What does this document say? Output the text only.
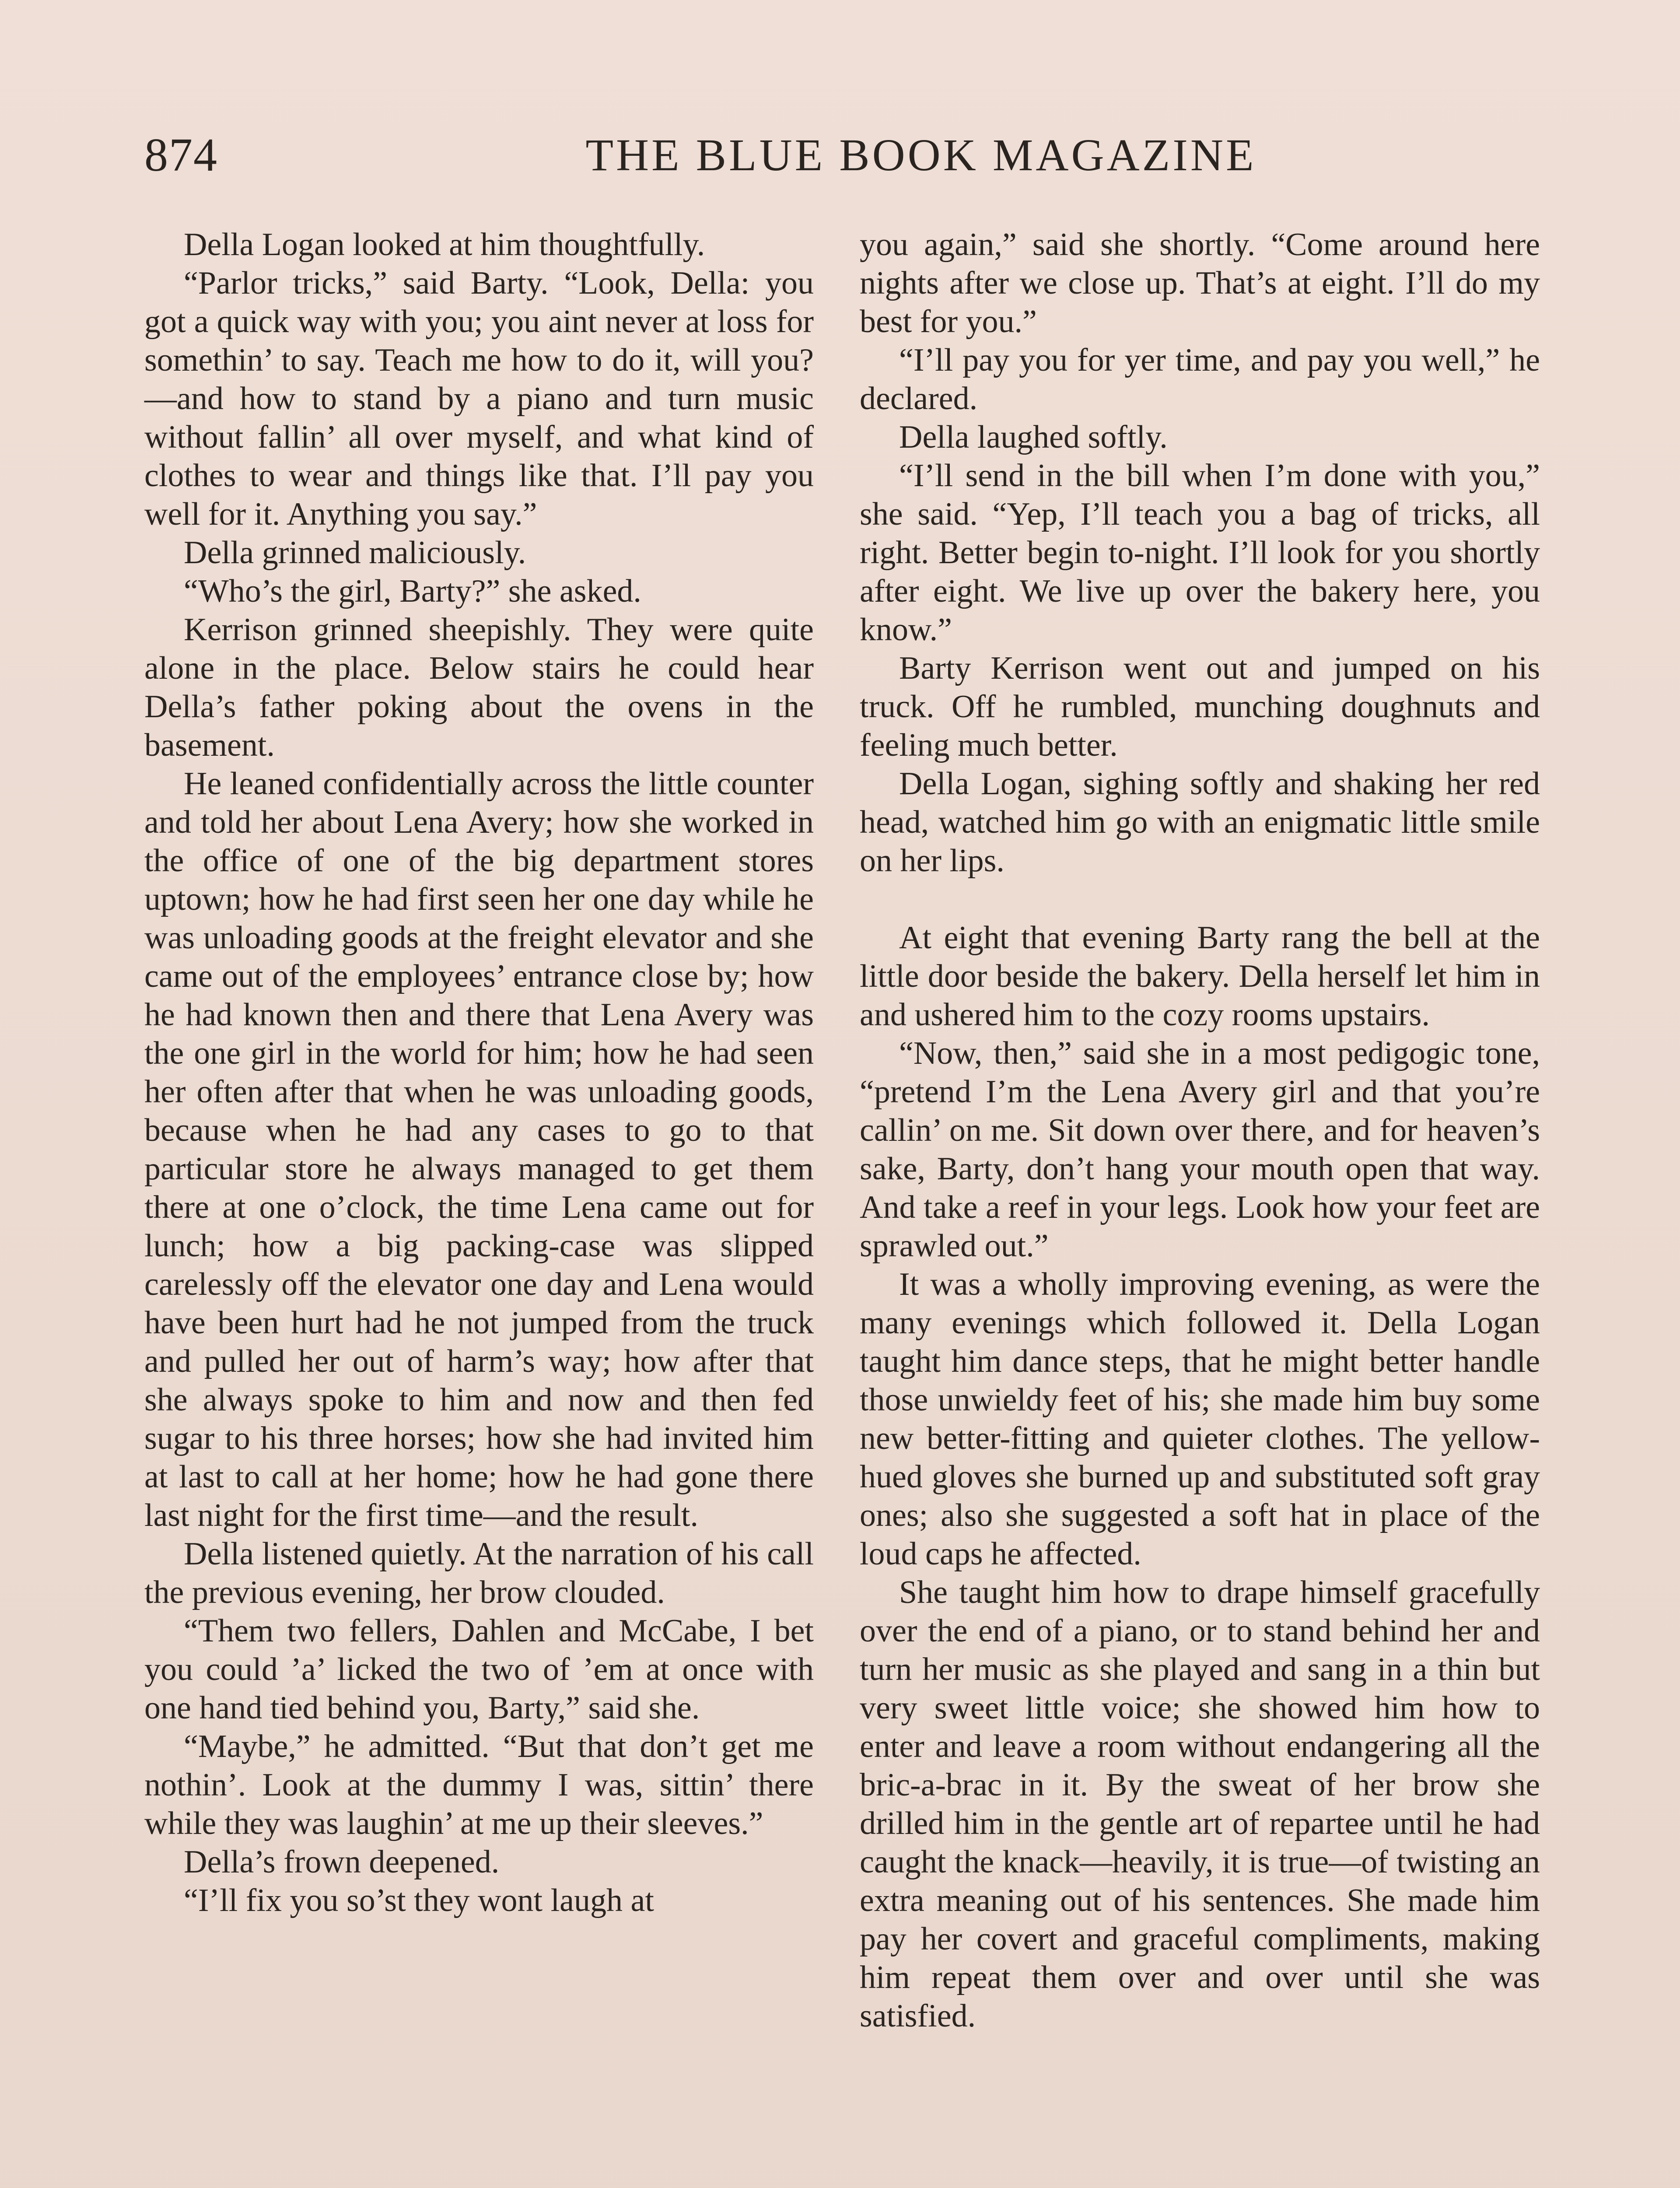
874	THE BLUE BOOK MAGAZINE

Della Logan looked at him thoughtfully.

“Parlor tricks,” said Barty. “Look, Della: you got a quick way with you; you aint never at loss for somethin’ to say. Teach me how to do it, will you?—and how to stand by a piano and turn music without fallin’ all over myself, and what kind of clothes to wear and things like that. I’ll pay you well for it. Anything you say.”

Della grinned maliciously.

“Who’s the girl, Barty?” she asked.

Kerrison grinned sheepishly. They were quite alone in the place. Below stairs he could hear Della’s father poking about the ovens in the basement.

He leaned confidentially across the little counter and told her about Lena Avery; how she worked in the office of one of the big department stores uptown; how he had first seen her one day while he was unloading goods at the freight elevator and she came out of the employees’ entrance close by; how he had known then and there that Lena Avery was the one girl in the world for him; how he had seen her often after that when he was unloading goods, because when he had any cases to go to that particular store he always managed to get them there at one o’clock, the time Lena came out for lunch; how a big packing-case was slipped carelessly off the elevator one day and Lena would have been hurt had he not jumped from the truck and pulled her out of harm’s way; how after that she always spoke to him and now and then fed sugar to his three horses; how she had invited him at last to call at her home; how he had gone there last night for the first time—and the result.

Della listened quietly. At the narration of his call the previous evening, her brow clouded.

“Them two fellers, Dahlen and McCabe, I bet you could ’a’ licked the two of ’em at once with one hand tied behind you, Barty,” said she.

“Maybe,” he admitted. “But that don’t get me nothin’. Look at the dummy I was, sittin’ there while they was laughin’ at me up their sleeves.”

Della’s frown deepened.

“I’ll fix you so’st they wont laugh at

you again,” said she shortly. “Come around here nights after we close up. That’s at eight. I’ll do my best for you.”

“I’ll pay you for yer time, and pay you well,” he declared.

Della laughed softly.

“I’ll send in the bill when I’m done with you,” she said. “Yep, I’ll teach you a bag of tricks, all right. Better begin to-night. I’ll look for you shortly after eight. We live up over the bakery here, you know.”

Barty Kerrison went out and jumped on his truck. Off he rumbled, munching doughnuts and feeling much better.

Della Logan, sighing softly and shaking her red head, watched him go with an enigmatic little smile on her lips.

At eight that evening Barty rang the bell at the little door beside the bakery. Della herself let him in and ushered him to the cozy rooms upstairs.

“Now, then,” said she in a most pedigogic tone, “pretend I’m the Lena Avery girl and that you’re callin’ on me. Sit down over there, and for heaven’s sake, Barty, don’t hang your mouth open that way. And take a reef in your legs. Look how your feet are sprawled out.”

It was a wholly improving evening, as were the many evenings which followed it. Della Logan taught him dance steps, that he might better handle those unwieldy feet of his; she made him buy some new better-fitting and quieter clothes. The yellow-hued gloves she burned up and substituted soft gray ones; also she suggested a soft hat in place of the loud caps he affected.

She taught him how to drape himself gracefully over the end of a piano, or to stand behind her and turn her music as she played and sang in a thin but very sweet little voice; she showed him how to enter and leave a room without endangering all the bric-a-brac in it. By the sweat of her brow she drilled him in the gentle art of repartee until he had caught the knack—heavily, it is true—of twisting an extra meaning out of his sentences. She made him pay her covert and graceful compliments, making him repeat them over and over until she was satisfied.
